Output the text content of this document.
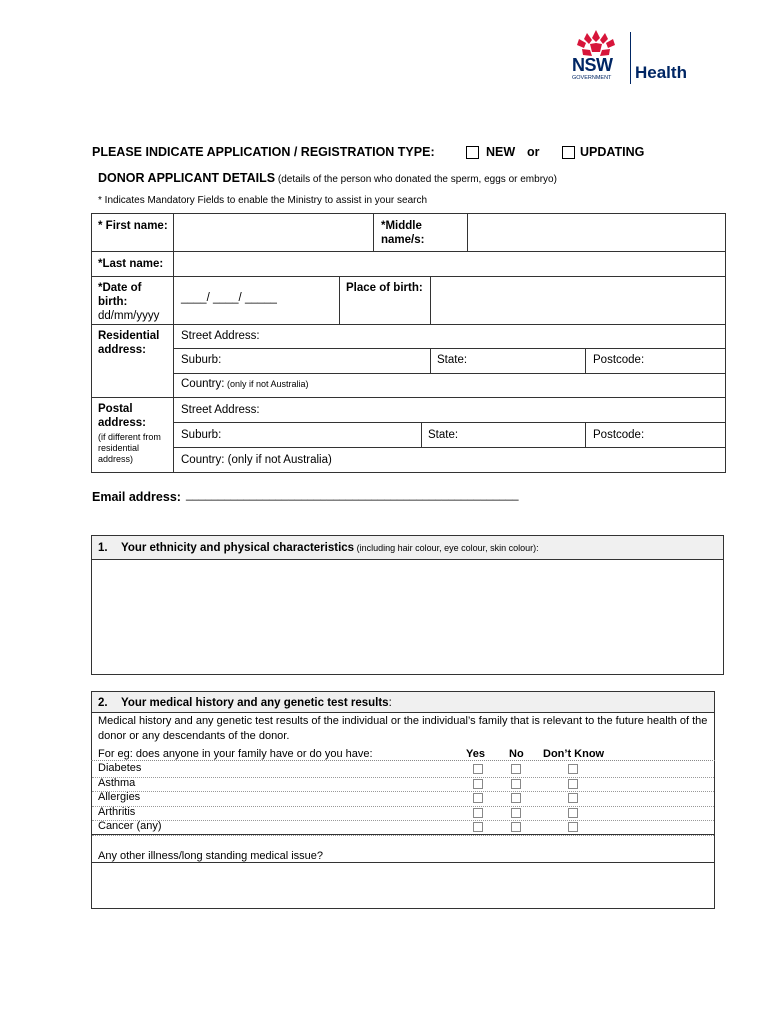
NSW
GOVERNMENT Health
PLEASE INDICATE APPLICATION / REGISTRATION TYPE:	NEW or	UPDATING
DONOR APPLICANT DETAILS (details of the person who donated the sperm, eggs or embryo)
* Indicates Mandatory Fields to enable the Ministry to assist in your search
* First name:	*Middle
name/s:
*Last name:
*Date of
birth:
dd/mm/yyyy
____/ ____/ _____
Place of birth:
Residential
address:
Street Address:
Suburb:	State:	Postcode:
Country: (only if not Australia)
Postal
address:
(if different from
residential
address)
Street Address:
Suburb:	State:	Postcode:
Country: (only if not Australia)
Email address: ____________________________________________________
1. Your ethnicity and physical characteristics (including hair colour, eye colour, skin colour):
2. Your medical history and any genetic test results:
Medical history and any genetic test results of the individual or the individual’s family that is relevant to the future health of the
donor or any descendants of the donor.
For eg: does anyone in your family have or do you have:	Yes No Don’t Know
Diabetes
Asthma
Allergies
Arthritis
Cancer (any)
Any other illness/long standing medical issue?
